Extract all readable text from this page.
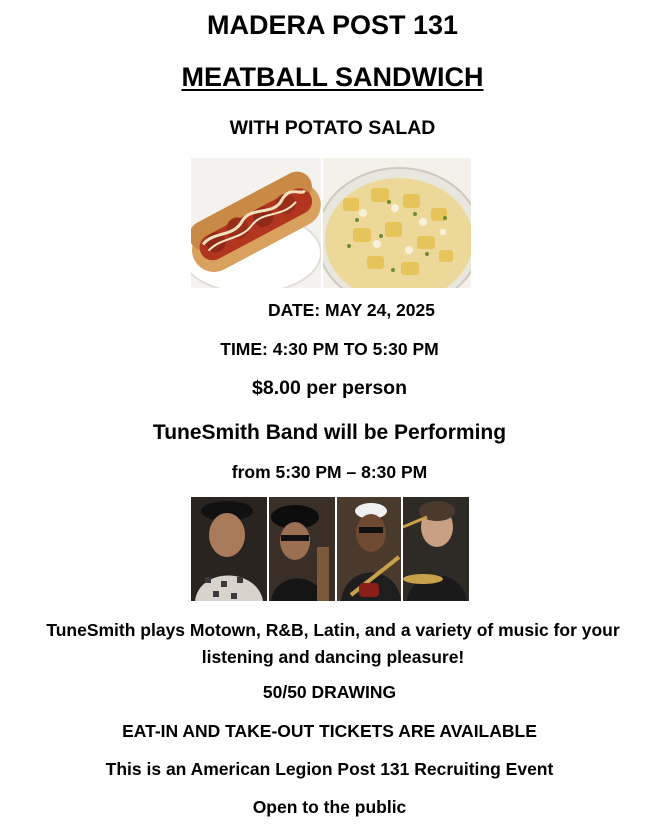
MADERA POST 131
MEATBALL SANDWICH
WITH POTATO SALAD
DATE: MAY 24, 2025
TIME: 4:30 PM TO 5:30 PM
$8.00 per person
TuneSmith Band will be Performing
from 5:30 PM – 8:30 PM
TuneSmith plays Motown, R&B, Latin, and a variety of music for your listening and dancing pleasure!
50/50 DRAWING
EAT-IN AND TAKE-OUT TICKETS ARE AVAILABLE
This is an American Legion Post 131 Recruiting Event
Open to the public
